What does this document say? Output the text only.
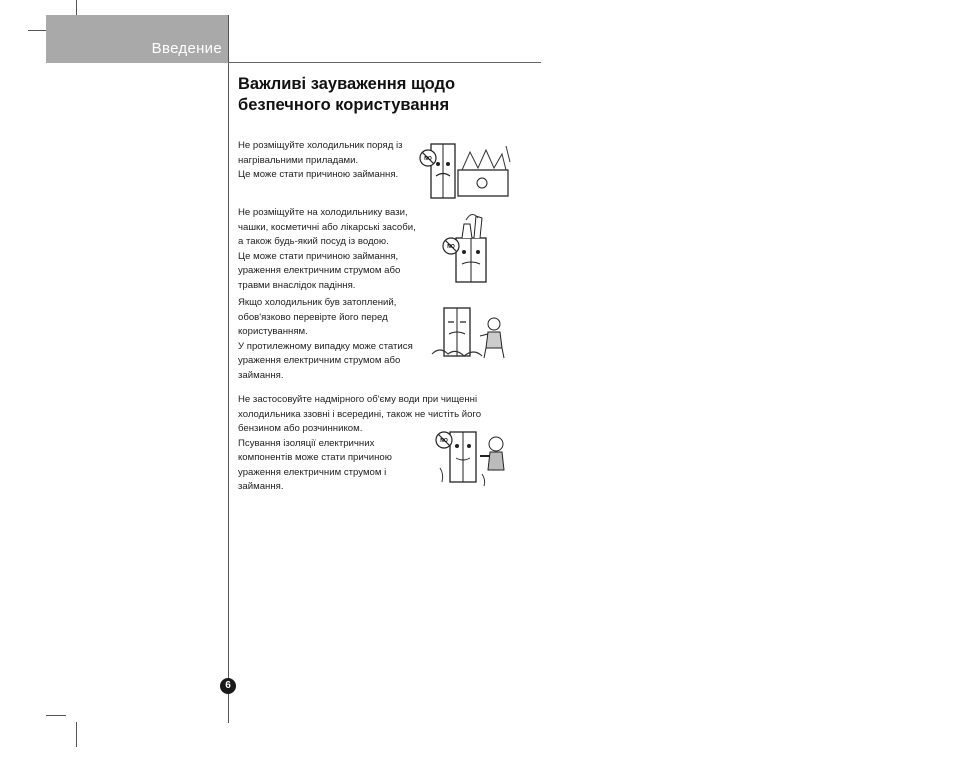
Введение
Важливі зауваження щодо
безпечного користування

Не розміщуйте холодильник поряд із

нагрівальними приладами.

Це може стати причиною займання.

NO

Не розміщуйте на холодильнику вази,

чашки, косметичні або лікарські засоби,

а також будь-який посуд із водою.

Це може стати причиною займання,

ураження електричним струмом або

травми внаслідок падіння.

NO

Якщо холодильник був затоплений,

обов'язково перевірте його перед

користуванням.

У протилежному випадку може статися

ураження електричним струмом або

займання.

Не застосовуйте надмірного об'єму води при чищенні

холодильника ззовні і всередині, також не чистіть його

бензином або розчинником.

Псування ізоляції електричних

компонентів може стати причиною

ураження електричним струмом і

займання.

NO
6
